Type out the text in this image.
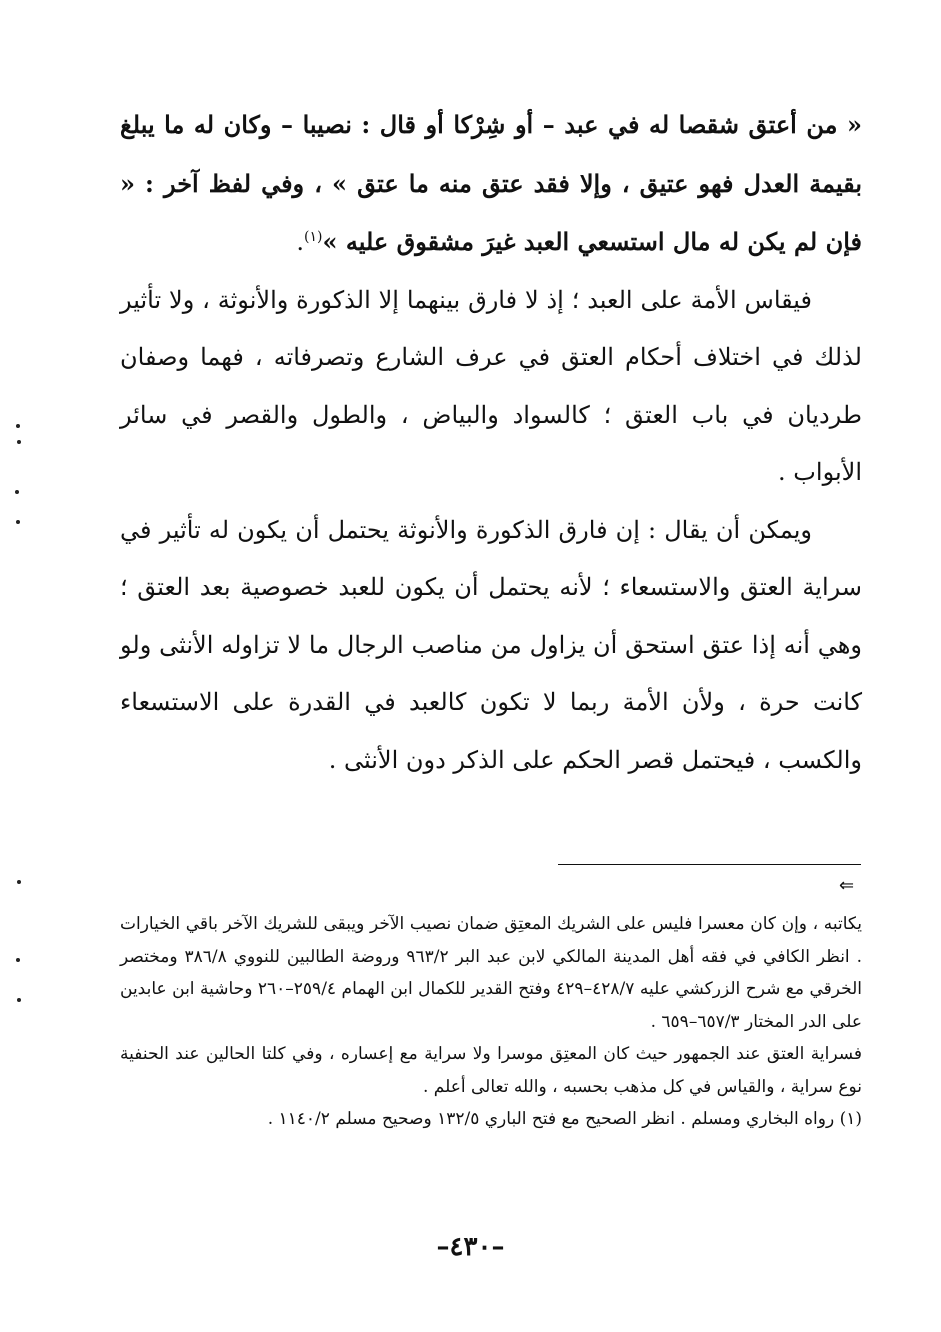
« من أعتق شقصا له في عبد – أو شِرْكا أو قال : نصيبا – وكان له ما يبلغ بقيمة العدل فهو عتيق ، وإلا فقد عتق منه ما عتق » ، وفي لفظ آخر : « فإن لم يكن له مال استسعي العبد غيرَ مشقوق عليه »$^{(١)}$.

فيقاس الأمة على العبد ؛ إذ لا فارق بينهما إلا الذكورة والأنوثة ، ولا تأثير لذلك في اختلاف أحكام العتق في عرف الشارع وتصرفاته ، فهما وصفان طرديان في باب العتق ؛ كالسواد والبياض ، والطول والقصر في سائر الأبواب .

ويمكن أن يقال : إن فارق الذكورة والأنوثة يحتمل أن يكون له تأثير في سراية العتق والاستسعاء ؛ لأنه يحتمل أن يكون للعبد خصوصية بعد العتق ؛ وهي أنه إذا عتق استحق أن يزاول من مناصب الرجال ما لا تزاوله الأنثى ولو كانت حرة ، ولأن الأمة ربما لا تكون كالعبد في القدرة على الاستسعاء والكسب ، فيحتمل قصر الحكم على الذكر دون الأنثى .

⇐

يكاتبه ، وإن كان معسرا فليس على الشريك المعتِق ضمان نصيب الآخر ويبقى للشريك الآخر باقي الخيارات . انظر الكافي في فقه أهل المدينة المالكي لابن عبد البر ٩٦٣/٢ وروضة الطالبين للنووي ٣٨٦/٨ ومختصر الخرقي مع شرح الزركشي عليه ٤٢٨/٧–٤٢٩ وفتح القدير للكمال ابن الهمام ٢٥٩/٤–٢٦٠ وحاشية ابن عابدين على الدر المختار ٦٥٧/٣–٦٥٩ .

فسراية العتق عند الجمهور حيث كان المعتِق موسرا ولا سراية مع إعساره ، وفي كلتا الحالين عند الحنفية نوع سراية ، والقياس في كل مذهب بحسبه ، والله تعالى أعلم .

(١) رواه البخاري ومسلم . انظر الصحيح مع فتح الباري ١٣٢/٥ وصحيح مسلم ١١٤٠/٢ .

–٤٣٠–
